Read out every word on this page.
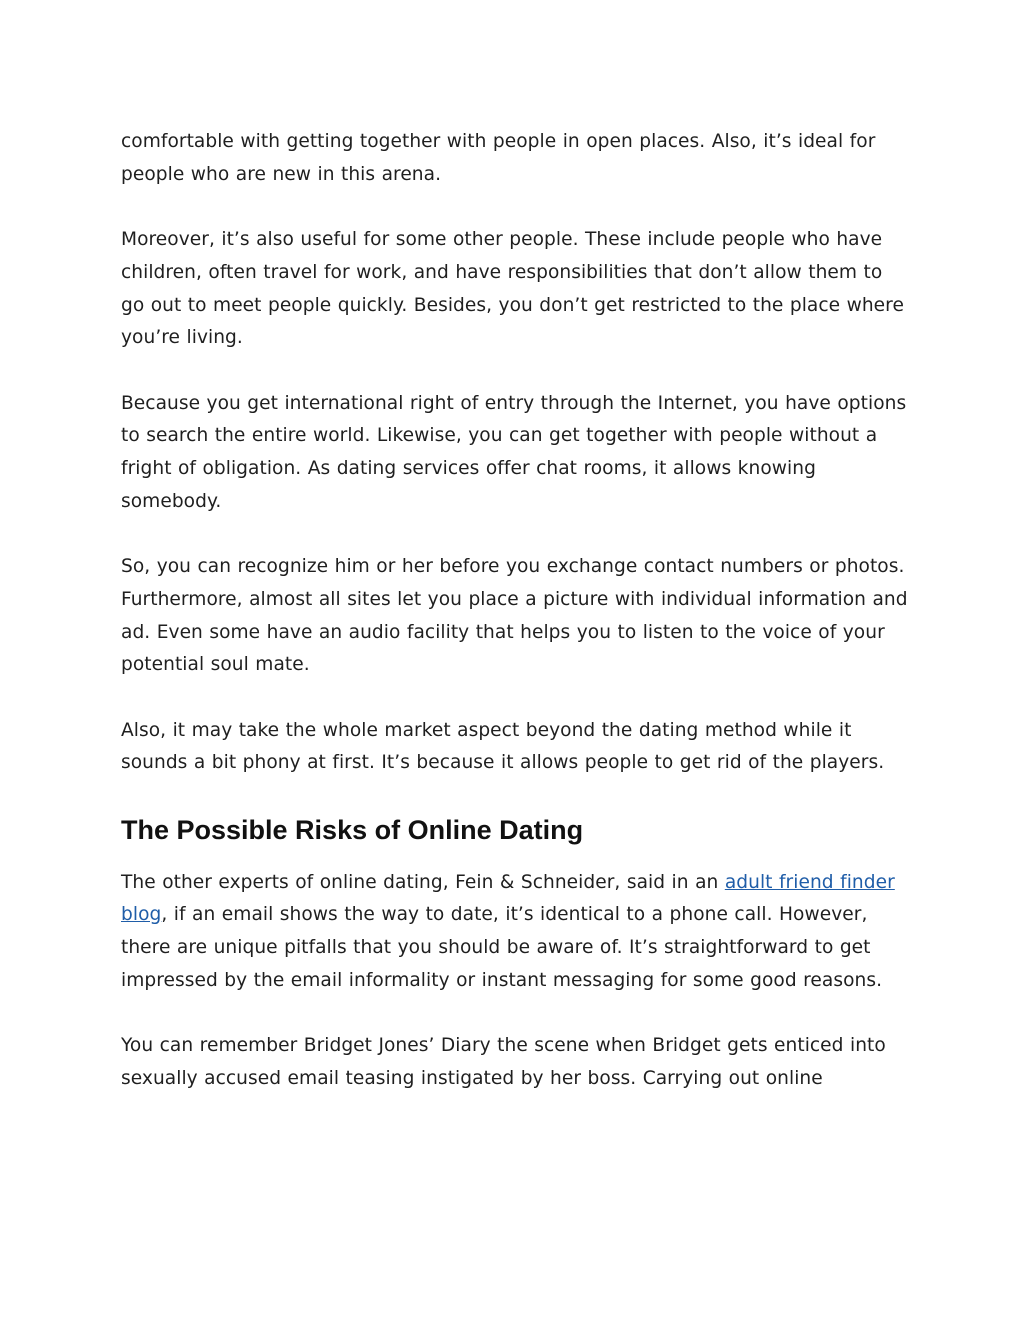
comfortable with getting together with people in open places. Also, it’s ideal for people who are new in this arena.

Moreover, it’s also useful for some other people. These include people who have children, often travel for work, and have responsibilities that don’t allow them to go out to meet people quickly. Besides, you don’t get restricted to the place where you’re living.

Because you get international right of entry through the Internet, you have options to search the entire world. Likewise, you can get together with people without a fright of obligation. As dating services offer chat rooms, it allows knowing somebody.

So, you can recognize him or her before you exchange contact numbers or photos. Furthermore, almost all sites let you place a picture with individual information and ad. Even some have an audio facility that helps you to listen to the voice of your potential soul mate.

Also, it may take the whole market aspect beyond the dating method while it sounds a bit phony at first. It’s because it allows people to get rid of the players.

The Possible Risks of Online Dating

The other experts of online dating, Fein & Schneider, said in an adult friend finder blog, if an email shows the way to date, it’s identical to a phone call. However, there are unique pitfalls that you should be aware of. It’s straightforward to get impressed by the email informality or instant messaging for some good reasons.

You can remember Bridget Jones’ Diary the scene when Bridget gets enticed into sexually accused email teasing instigated by her boss. Carrying out online
